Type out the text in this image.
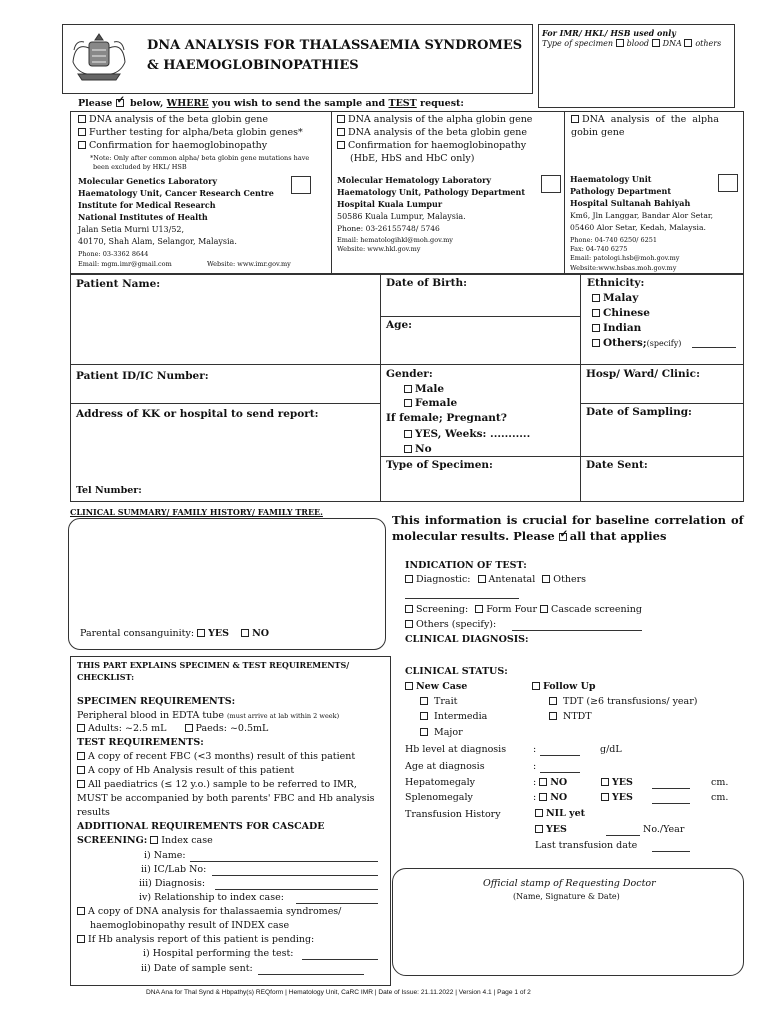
DNA ANALYSIS FOR THALASSAEMIA SYNDROMES
& HAEMOGLOBINOPATHIES
For IMR/ HKL/ HSB used only
Type of specimen blood DNA others
Please ✓ below, WHERE you wish to send the sample and TEST request:
DNA analysis of the beta globin gene
Further testing for alpha/beta globin genes*
Confirmation for haemoglobinopathy
*Note: Only after common alpha/ beta globin gene mutations have
been excluded by HKL/ HSB
Molecular Genetics Laboratory
Haematology Unit, Cancer Research Centre
Institute for Medical Research
National Institutes of Health
Jalan Setia Murni U13/52,
40170, Shah Alam, Selangor, Malaysia.
Phone: 03-3362 8644
Email: mgm.imr@gmail.com	Website: www.imr.gov.my
DNA analysis of the alpha globin gene
DNA analysis of the beta globin gene
Confirmation for haemoglobinopathy
(HbE, HbS and HbC only)
Molecular Hematology Laboratory
Haematology Unit, Pathology Department
Hospital Kuala Lumpur
50586 Kuala Lumpur, Malaysia.
Phone: 03-26155748/ 5746
Email: hematologihkl@moh.gov.my
Website: www.hkl.gov.my
DNA analysis of the alpha
gobin gene
Haematology Unit
Pathology Department
Hospital Sultanah Bahiyah
Km6, Jln Langgar, Bandar Alor Setar,
05460 Alor Setar, Kedah, Malaysia.
Phone: 04-740 6250/ 6251
Fax: 04-740 6275
Email: patologi.hsb@moh.gov.my
Website:www.hsbas.moh.gov.my
Patient Name:	Date of Birth:
Age:
Ethnicity:
Malay
Chinese
Indian
Others;(specify)
Patient ID/IC Number:	Gender:
Male
Female
Hosp/ Ward/ Clinic:
Address of KK or hospital to send report:	If female; Pregnant?
YES, Weeks: ...........
No
Date of Sampling:
Type of Specimen:	Date Sent:
Tel Number:
CLINICAL SUMMARY/ FAMILY HISTORY/ FAMILY TREE.
Parental consanguinity: YES NO
This information is crucial for baseline correlation of
molecular results. Please ✓ all that applies
INDICATION OF TEST:
Diagnostic: Antenatal Others
Screening: Form Four Cascade screening
Others (specify):
CLINICAL DIAGNOSIS:
CLINICAL STATUS:
New Case	Follow Up
Trait	TDT (≥6 transfusions/ year)
Intermedia	NTDT
Major
Hb level at diagnosis	:	g/dL
Age at diagnosis	:
Hepatomegaly	: NO	YES	cm.
Splenomegaly	: NO	YES	cm.
Transfusion History	NIL yet
YES	No./Year
Last transfusion date
THIS PART EXPLAINS SPECIMEN & TEST REQUIREMENTS/
CHECKLIST:
SPECIMEN REQUIREMENTS:
Peripheral blood in EDTA tube (must arrive at lab within 2 week)
Adults: ~2.5 mL	Paeds: ~0.5mL
TEST REQUIREMENTS:
A copy of recent FBC (<3 months) result of this patient
A copy of Hb Analysis result of this patient
All paediatrics (≤ 12 y.o.) sample to be referred to IMR,
MUST be accompanied by both parents' FBC and Hb analysis
results
ADDITIONAL REQUIREMENTS FOR CASCADE
SCREENING: Index case
i) Name:
ii) IC/Lab No:
iii) Diagnosis:
iv) Relationship to index case:
A copy of DNA analysis for thalassaemia syndromes/
haemoglobinopathy result of INDEX case
If Hb analysis report of this patient is pending:
i) Hospital performing the test:
ii) Date of sample sent:
Official stamp of Requesting Doctor
(Name, Signature & Date)
DNA Ana for Thal Synd & Hbpathy(s) REQform | Hematology Unit, CaRC IMR | Date of Issue: 21.11.2022 | Version 4.1 | Page 1 of 2
